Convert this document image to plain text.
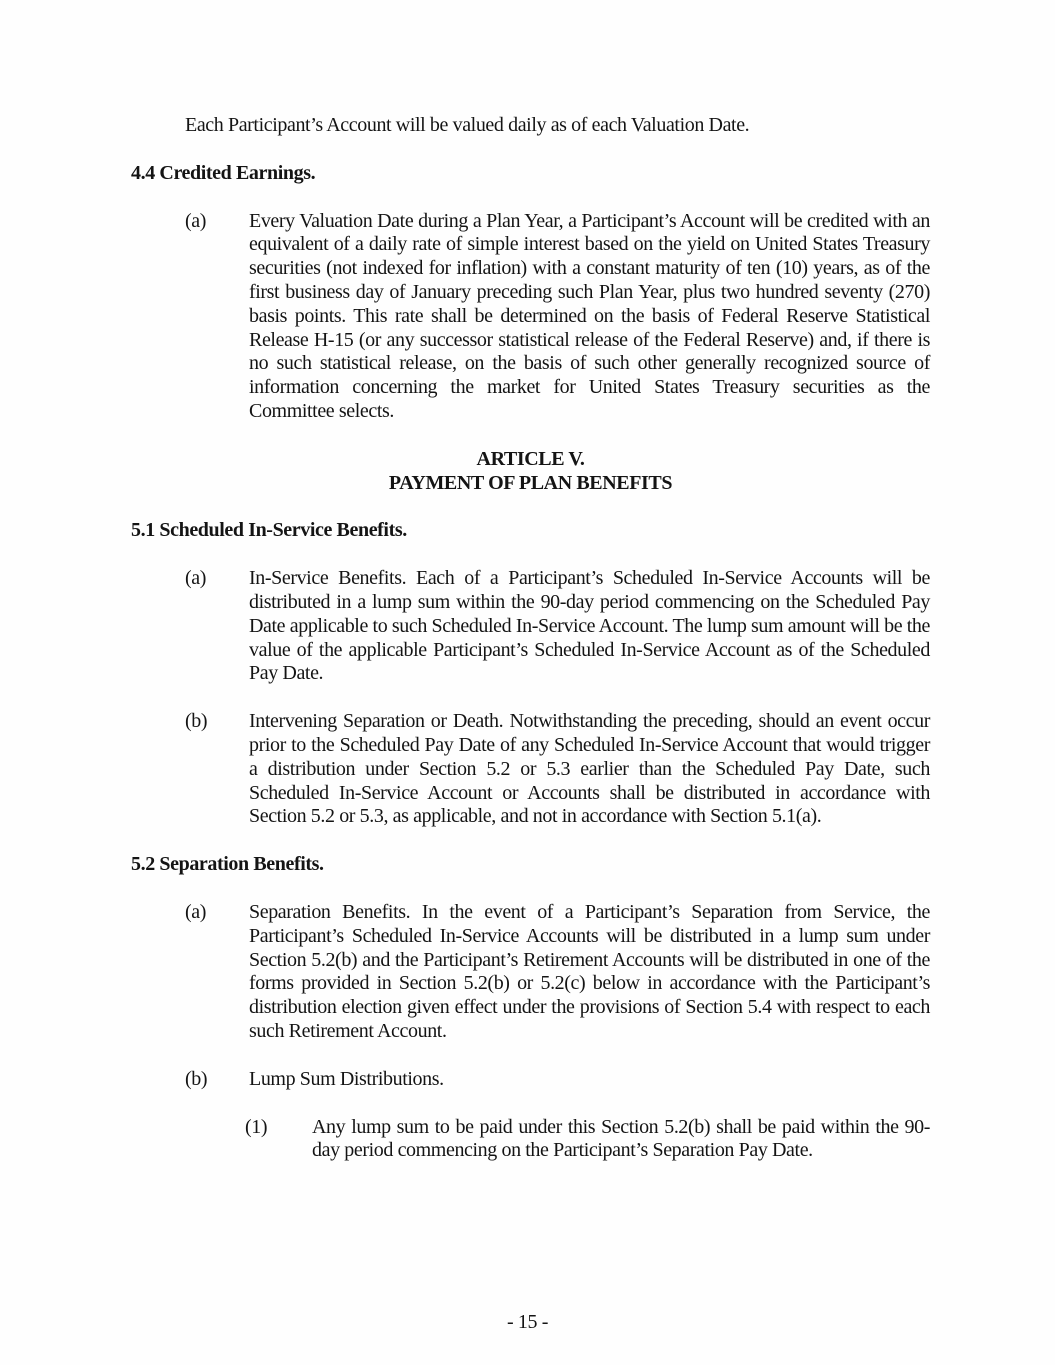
Each Participant’s Account will be valued daily as of each Valuation Date.
4.4 Credited Earnings.
(a)	Every Valuation Date during a Plan Year, a Participant’s Account will be credited with an equivalent of a daily rate of simple interest based on the yield on United States Treasury securities (not indexed for inflation) with a constant maturity of ten (10) years, as of the first business day of January preceding such Plan Year, plus two hundred seventy (270) basis points. This rate shall be determined on the basis of Federal Reserve Statistical Release H-15 (or any successor statistical release of the Federal Reserve) and, if there is no such statistical release, on the basis of such other generally recognized source of information concerning the market for United States Treasury securities as the Committee selects.
ARTICLE V.
PAYMENT OF PLAN BENEFITS
5.1 Scheduled In-Service Benefits.
(a)	In-Service Benefits. Each of a Participant’s Scheduled In-Service Accounts will be distributed in a lump sum within the 90-day period commencing on the Scheduled Pay Date applicable to such Scheduled In-Service Account. The lump sum amount will be the value of the applicable Participant’s Scheduled In-Service Account as of the Scheduled Pay Date.
(b)	Intervening Separation or Death. Notwithstanding the preceding, should an event occur prior to the Scheduled Pay Date of any Scheduled In-Service Account that would trigger a distribution under Section 5.2 or 5.3 earlier than the Scheduled Pay Date, such Scheduled In-Service Account or Accounts shall be distributed in accordance with Section 5.2 or 5.3, as applicable, and not in accordance with Section 5.1(a).
5.2 Separation Benefits.
(a)	Separation Benefits. In the event of a Participant’s Separation from Service, the Participant’s Scheduled In-Service Accounts will be distributed in a lump sum under Section 5.2(b) and the Participant’s Retirement Accounts will be distributed in one of the forms provided in Section 5.2(b) or 5.2(c) below in accordance with the Participant’s distribution election given effect under the provisions of Section 5.4 with respect to each such Retirement Account.
(b)	Lump Sum Distributions.
(1)	Any lump sum to be paid under this Section 5.2(b) shall be paid within the 90-day period commencing on the Participant’s Separation Pay Date.
- 15 -
